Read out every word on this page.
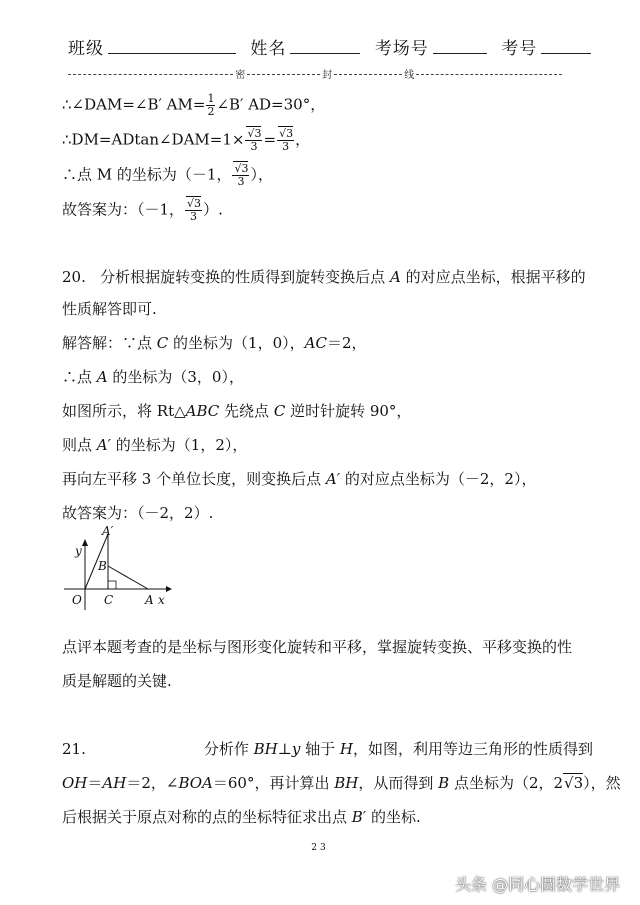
班级	姓名	考场号	考号
密	封	线
∴∠DAM=∠B′ $AM= \frac{1}{2}$ ∠B′ AD=30°，
∴DM=ADtan∠DAM=1× $\frac{√3}{3} = \frac{√3}{3}$ ，
∴点 M 的坐标为（－1， $\frac{√3}{3}$ ），
故答案为：（－1， $\frac{√3}{3}$ ）.
20. 分析根据旋转变换的性质得到旋转变换后点 A 的对应点坐标，根据平移的
性质解答即可.
解答解：∵点 C 的坐标为（1，0），AC＝2，
∴点 A 的坐标为（3，0），
如图所示，将 Rt△ABC 先绕点 C 逆时针旋转 90°，
则点 A′ 的坐标为（1，2），
再向左平移 3 个单位长度，则变换后点 A′ 的对应点坐标为（－2，2），
故答案为：（－2，2）.
y
A′
B
O C	A x
点评本题考查的是坐标与图形变化旋转和平移，掌握旋转变换、平移变换的性
质是解题的关键.
21.	分析作 BH⊥y 轴于 H，如图，利用等边三角形的性质得到
OH＝AH＝2，∠BOA＝60°，再计算出 BH，从而得到 B 点坐标为（2，2√3），然
后根据关于原点对称的点的坐标特征求出点 B′ 的坐标.
23
头条 @同心圆数学世界
